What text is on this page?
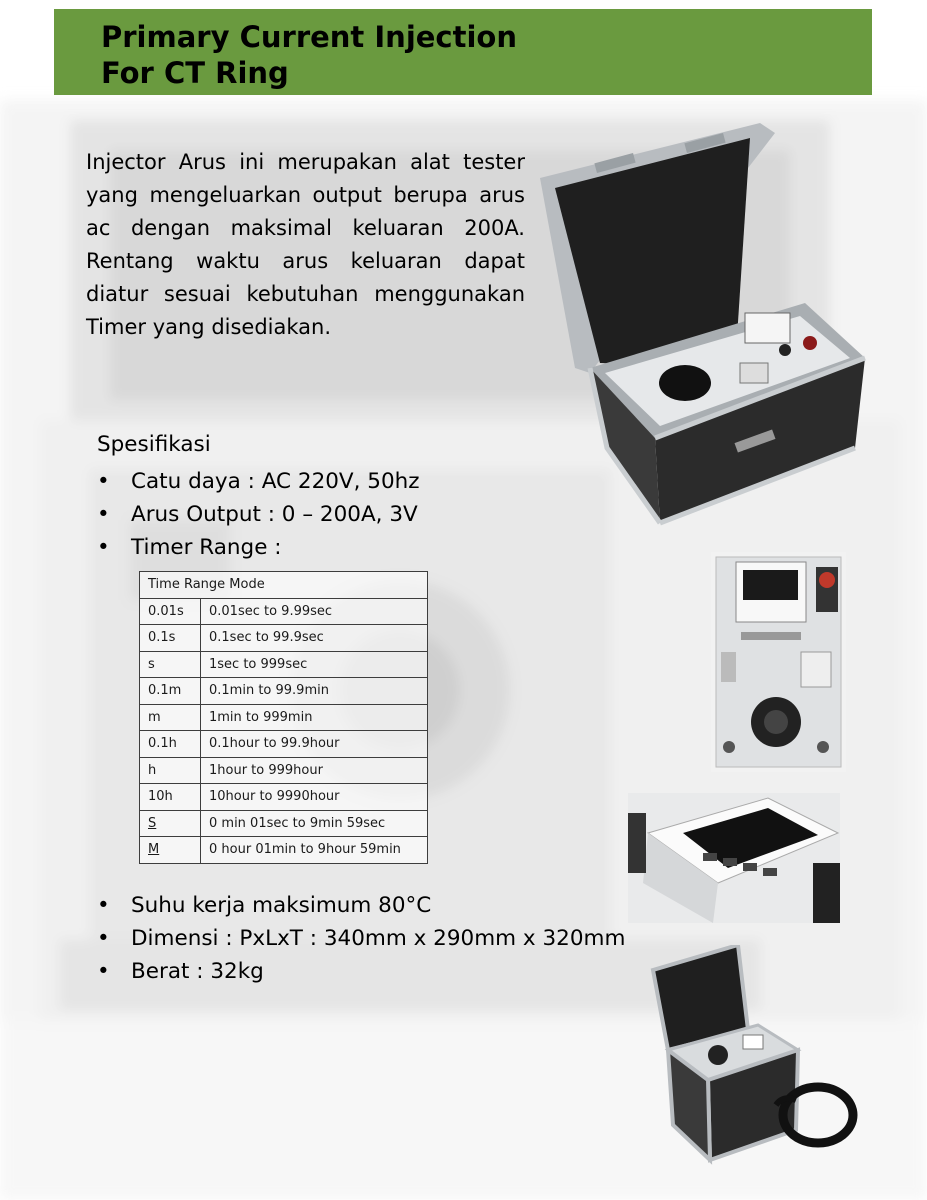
Primary Current Injection
For CT Ring

Injector Arus ini merupakan alat tester yang mengeluarkan output berupa arus ac dengan maksimal keluaran 200A. Rentang waktu arus keluaran dapat diatur sesuai kebutuhan menggunakan Timer yang disediakan.

Spesifikasi
• Catu daya : AC 220V, 50hz
• Arus Output : 0 – 200A, 3V
• Timer Range :
Time Range Mode	
0.01s	0.01sec to 9.99sec
0.1s	0.1sec to 99.9sec
s	1sec to 999sec
0.1m	0.1min to 99.9min
m	1min to 999min
0.1h	0.1hour to 99.9hour
h	1hour to 999hour
10h	10hour to 9990hour
S	0 min 01sec to 9min 59sec
M	0 hour 01min to 9hour 59min
• Suhu kerja maksimum 80°C
• Dimensi : PxLxT : 340mm x 290mm x 320mm
• Berat : 32kg
